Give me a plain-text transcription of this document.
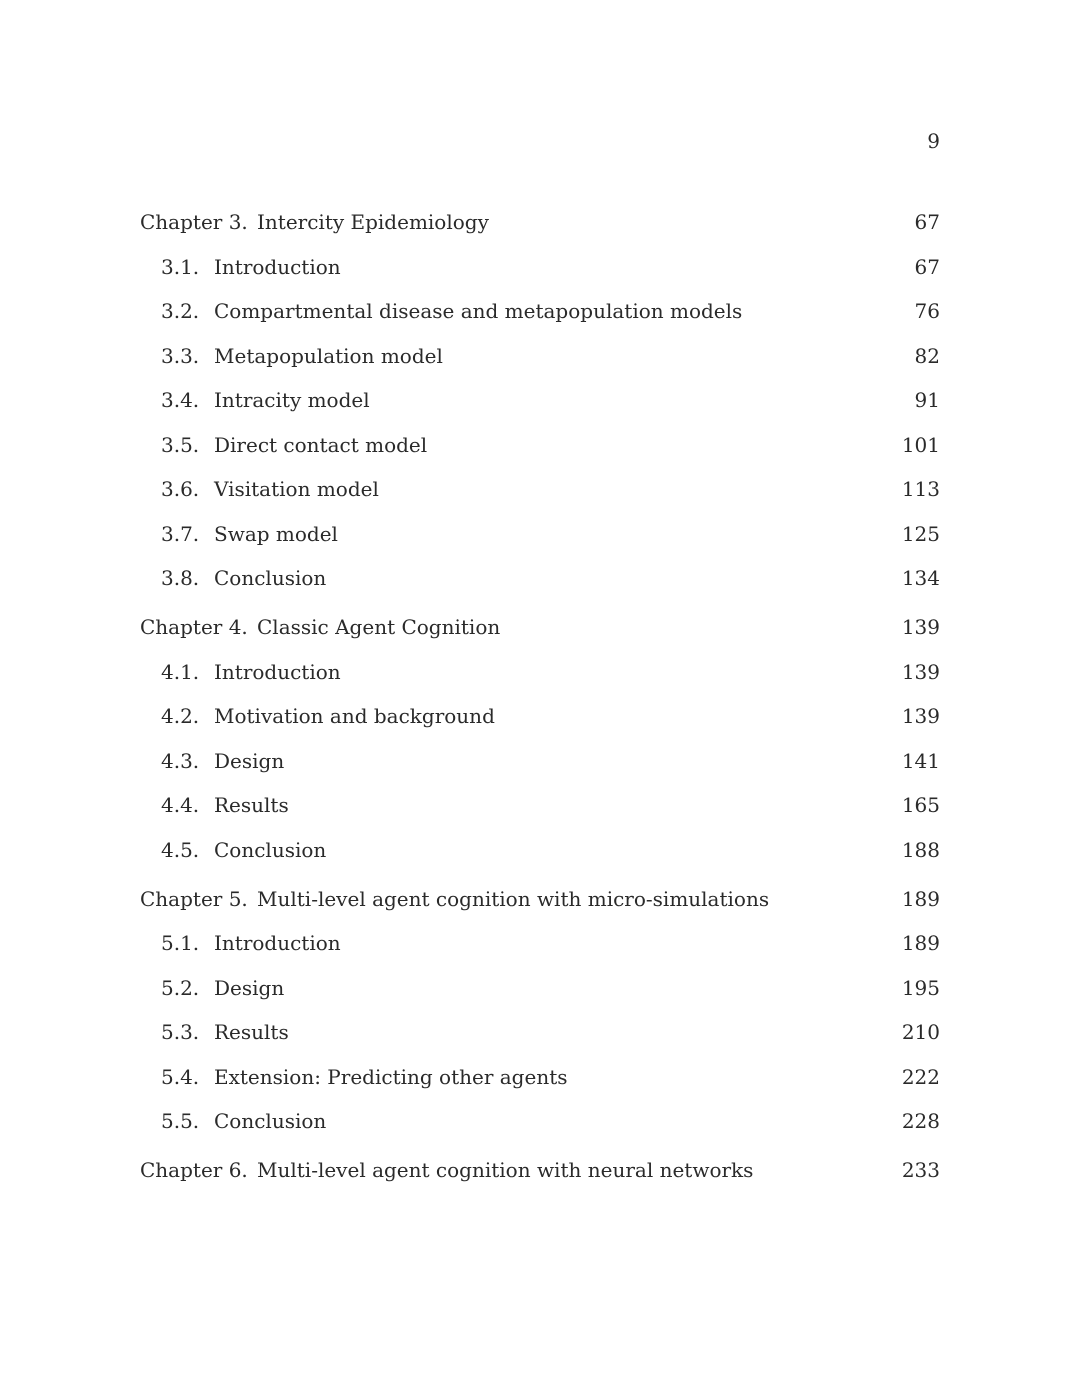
9
Chapter 3. Intercity Epidemiology	67
3.1. Introduction	67
3.2. Compartmental disease and metapopulation models	76
3.3. Metapopulation model	82
3.4. Intracity model	91
3.5. Direct contact model	101
3.6. Visitation model	113
3.7. Swap model	125
3.8. Conclusion	134
Chapter 4. Classic Agent Cognition	139
4.1. Introduction	139
4.2. Motivation and background	139
4.3. Design	141
4.4. Results	165
4.5. Conclusion	188
Chapter 5. Multi-level agent cognition with micro-simulations	189
5.1. Introduction	189
5.2. Design	195
5.3. Results	210
5.4. Extension: Predicting other agents	222
5.5. Conclusion	228
Chapter 6. Multi-level agent cognition with neural networks	233
